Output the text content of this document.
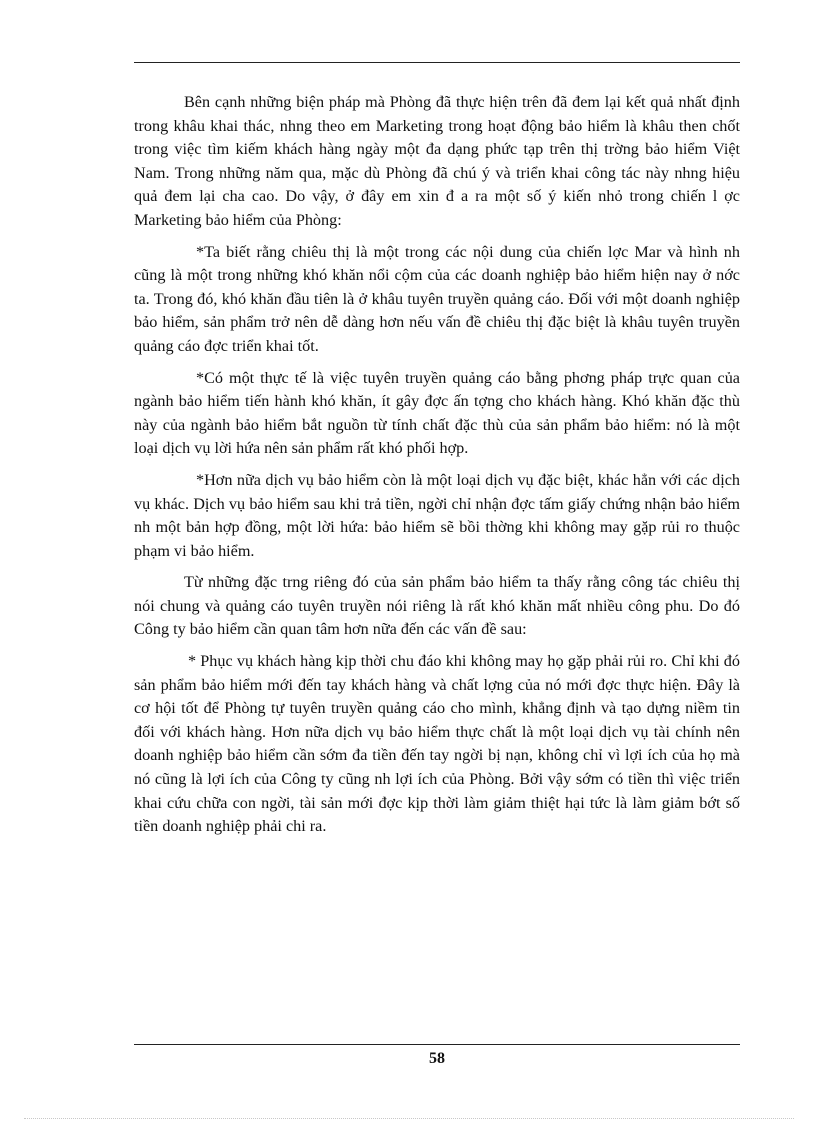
Bên cạnh những biện pháp mà Phòng đã thực hiện trên đã đem lại kết quả nhất định trong khâu khai thác, nhng theo em Marketing trong hoạt động bảo hiểm là khâu then chốt trong việc tìm kiếm khách hàng ngày một đa dạng phức tạp trên thị trờng bảo hiểm Việt Nam. Trong những năm qua, mặc dù Phòng đã chú ý và triển khai công tác này nhng hiệu quả đem lại cha cao. Do vậy, ở đây em xin đ a ra một số ý kiến nhỏ trong chiến l ợc Marketing bảo hiểm của Phòng:

*Ta biết rằng chiêu thị là một trong các nội dung của chiến lợc Mar và hình nh cũng là một trong những khó khăn nổi cộm của các doanh nghiệp bảo hiểm hiện nay ở nớc ta. Trong đó, khó khăn đầu tiên là ở khâu tuyên truyền quảng cáo. Đối với một doanh nghiệp bảo hiểm, sản phẩm trở nên dễ dàng hơn nếu vấn đề chiêu thị đặc biệt là khâu tuyên truyền quảng cáo đợc triển khai tốt.

*Có một thực tế là việc tuyên truyền quảng cáo bằng phơng pháp trực quan của ngành bảo hiểm tiến hành khó khăn, ít gây đợc ấn tợng cho khách hàng. Khó khăn đặc thù này của ngành bảo hiểm bắt nguồn từ tính chất đặc thù của sản phẩm bảo hiểm: nó là một loại dịch vụ lời hứa nên sản phẩm rất khó phối hợp.

*Hơn nữa dịch vụ bảo hiểm còn là một loại dịch vụ đặc biệt, khác hẳn với các dịch vụ khác. Dịch vụ bảo hiểm sau khi trả tiền, ngời chỉ nhận đợc tấm giấy chứng nhận bảo hiểm nh một bản hợp đồng, một lời hứa: bảo hiểm sẽ bồi thờng khi không may gặp rủi ro thuộc phạm vi bảo hiểm.

Từ những đặc trng riêng đó của sản phẩm bảo hiểm ta thấy rằng công tác chiêu thị nói chung và quảng cáo tuyên truyền nói riêng là rất khó khăn mất nhiều công phu. Do đó Công ty bảo hiểm cần quan tâm hơn nữa đến các vấn đề sau:

* Phục vụ khách hàng kịp thời chu đáo khi không may họ gặp phải rủi ro. Chỉ khi đó sản phẩm bảo hiểm mới đến tay khách hàng và chất lợng của nó mới đợc thực hiện. Đây là cơ hội tốt để Phòng tự tuyên truyền quảng cáo cho mình, khẳng định và tạo dựng niềm tin đối với khách hàng. Hơn nữa dịch vụ bảo hiểm thực chất là một loại dịch vụ tài chính nên doanh nghiệp bảo hiểm cần sớm đa tiền đến tay ngời bị nạn, không chỉ vì lợi ích của họ mà nó cũng là lợi ích của Công ty cũng nh lợi ích của Phòng. Bởi vậy sớm có tiền thì việc triển khai cứu chữa con ngời, tài sản mới đợc kịp thời làm giảm thiệt hại tức là làm giảm bớt số tiền doanh nghiệp phải chi ra.

58
